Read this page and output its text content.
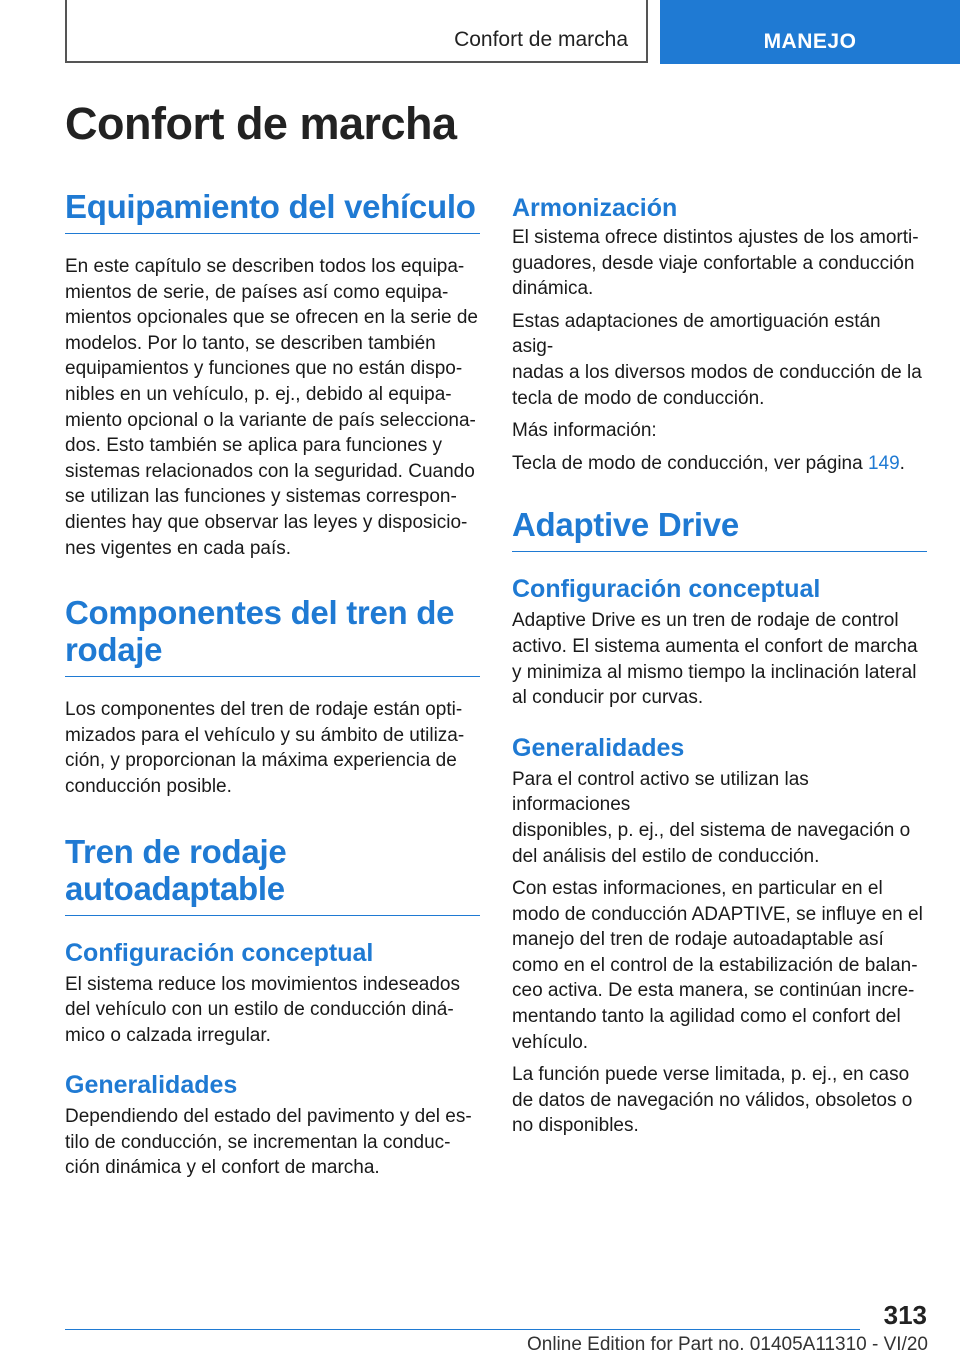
Confort de marcha	MANEJO
Confort de marcha
Equipamiento del vehículo

En este capítulo se describen todos los equipa-
mientos de serie, de países así como equipa-
mientos opcionales que se ofrecen en la serie de
modelos. Por lo tanto, se describen también
equipamientos y funciones que no están dispo-
nibles en un vehículo, p. ej., debido al equipa-
miento opcional o la variante de país selecciona-
dos. Esto también se aplica para funciones y
sistemas relacionados con la seguridad. Cuando
se utilizan las funciones y sistemas correspon-
dientes hay que observar las leyes y disposicio-
nes vigentes en cada país.

Componentes del tren de
rodaje

Los componentes del tren de rodaje están opti-
mizados para el vehículo y su ámbito de utiliza-
ción, y proporcionan la máxima experiencia de
conducción posible.

Tren de rodaje
autoadaptable
Configuración conceptual

El sistema reduce los movimientos indeseados
del vehículo con un estilo de conducción diná-
mico o calzada irregular.

Generalidades

Dependiendo del estado del pavimento y del es-
tilo de conducción, se incrementan la conduc-
ción dinámica y el confort de marcha.

Armonización

El sistema ofrece distintos ajustes de los amorti-
guadores, desde viaje confortable a conducción
dinámica.

Estas adaptaciones de amortiguación están asig-
nadas a los diversos modos de conducción de la
tecla de modo de conducción.

Más información:

Tecla de modo de conducción, ver página 149.

Adaptive Drive
Configuración conceptual

Adaptive Drive es un tren de rodaje de control
activo. El sistema aumenta el confort de marcha
y minimiza al mismo tiempo la inclinación lateral
al conducir por curvas.

Generalidades

Para el control activo se utilizan las informaciones
disponibles, p. ej., del sistema de navegación o
del análisis del estilo de conducción.

Con estas informaciones, en particular en el
modo de conducción ADAPTIVE, se influye en el
manejo del tren de rodaje autoadaptable así
como en el control de la estabilización de balan-
ceo activa. De esta manera, se continúan incre-
mentando tanto la agilidad como el confort del
vehículo.

La función puede verse limitada, p. ej., en caso
de datos de navegación no válidos, obsoletos o
no disponibles.

313
Online Edition for Part no. 01405A11310 - VI/20
